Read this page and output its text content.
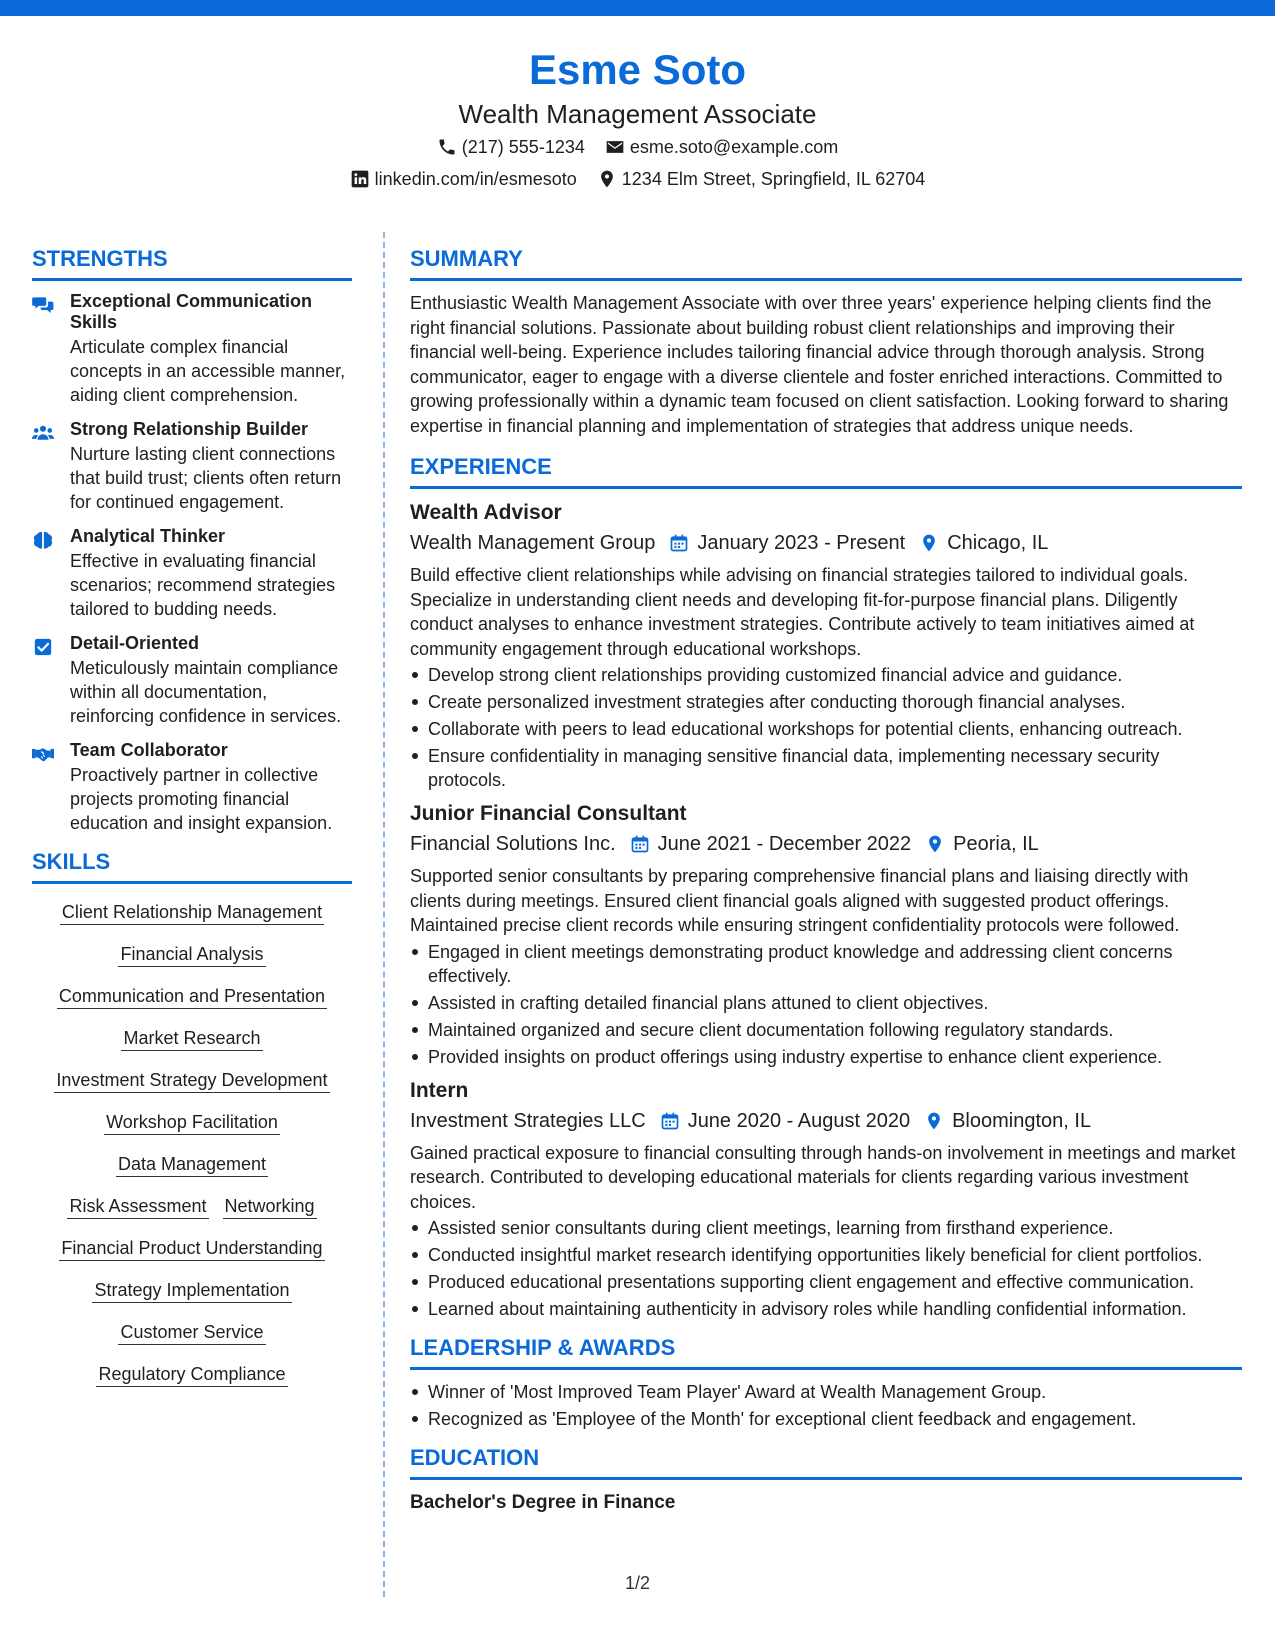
Esme Soto
Wealth Management Associate
(217) 555-1234	esme.soto@example.com
linkedin.com/in/esmesoto	1234 Elm Street, Springfield, IL 62704
STRENGTHS
Exceptional Communication Skills
Articulate complex financial concepts in an accessible manner, aiding client comprehension.
Strong Relationship Builder
Nurture lasting client connections that build trust; clients often return for continued engagement.
Analytical Thinker
Effective in evaluating financial scenarios; recommend strategies tailored to budding needs.
Detail-Oriented
Meticulously maintain compliance within all documentation, reinforcing confidence in services.
Team Collaborator
Proactively partner in collective projects promoting financial education and insight expansion.
SKILLS
Client Relationship Management
Financial Analysis
Communication and Presentation
Market Research
Investment Strategy Development
Workshop Facilitation
Data Management
Risk Assessment Networking
Financial Product Understanding
Strategy Implementation
Customer Service
Regulatory Compliance
SUMMARY
Enthusiastic Wealth Management Associate with over three years' experience helping clients find the right financial solutions. Passionate about building robust client relationships and improving their financial well-being. Experience includes tailoring financial advice through thorough analysis. Strong communicator, eager to engage with a diverse clientele and foster enriched interactions. Committed to growing professionally within a dynamic team focused on client satisfaction. Looking forward to sharing expertise in financial planning and implementation of strategies that address unique needs.
EXPERIENCE
Wealth Advisor
Wealth Management Group January 2023 - Present Chicago, IL
Build effective client relationships while advising on financial strategies tailored to individual goals. Specialize in understanding client needs and developing fit-for-purpose financial plans. Diligently conduct analyses to enhance investment strategies. Contribute actively to team initiatives aimed at community engagement through educational workshops.
Develop strong client relationships providing customized financial advice and guidance.
Create personalized investment strategies after conducting thorough financial analyses.
Collaborate with peers to lead educational workshops for potential clients, enhancing outreach.
Ensure confidentiality in managing sensitive financial data, implementing necessary security protocols.
Junior Financial Consultant
Financial Solutions Inc. June 2021 - December 2022 Peoria, IL
Supported senior consultants by preparing comprehensive financial plans and liaising directly with clients during meetings. Ensured client financial goals aligned with suggested product offerings. Maintained precise client records while ensuring stringent confidentiality protocols were followed.
Engaged in client meetings demonstrating product knowledge and addressing client concerns effectively.
Assisted in crafting detailed financial plans attuned to client objectives.
Maintained organized and secure client documentation following regulatory standards.
Provided insights on product offerings using industry expertise to enhance client experience.
Intern
Investment Strategies LLC June 2020 - August 2020 Bloomington, IL
Gained practical exposure to financial consulting through hands-on involvement in meetings and market research. Contributed to developing educational materials for clients regarding various investment choices.
Assisted senior consultants during client meetings, learning from firsthand experience.
Conducted insightful market research identifying opportunities likely beneficial for client portfolios.
Produced educational presentations supporting client engagement and effective communication.
Learned about maintaining authenticity in advisory roles while handling confidential information.
LEADERSHIP & AWARDS
Winner of 'Most Improved Team Player' Award at Wealth Management Group.
Recognized as 'Employee of the Month' for exceptional client feedback and engagement.
EDUCATION
Bachelor's Degree in Finance
1/2
